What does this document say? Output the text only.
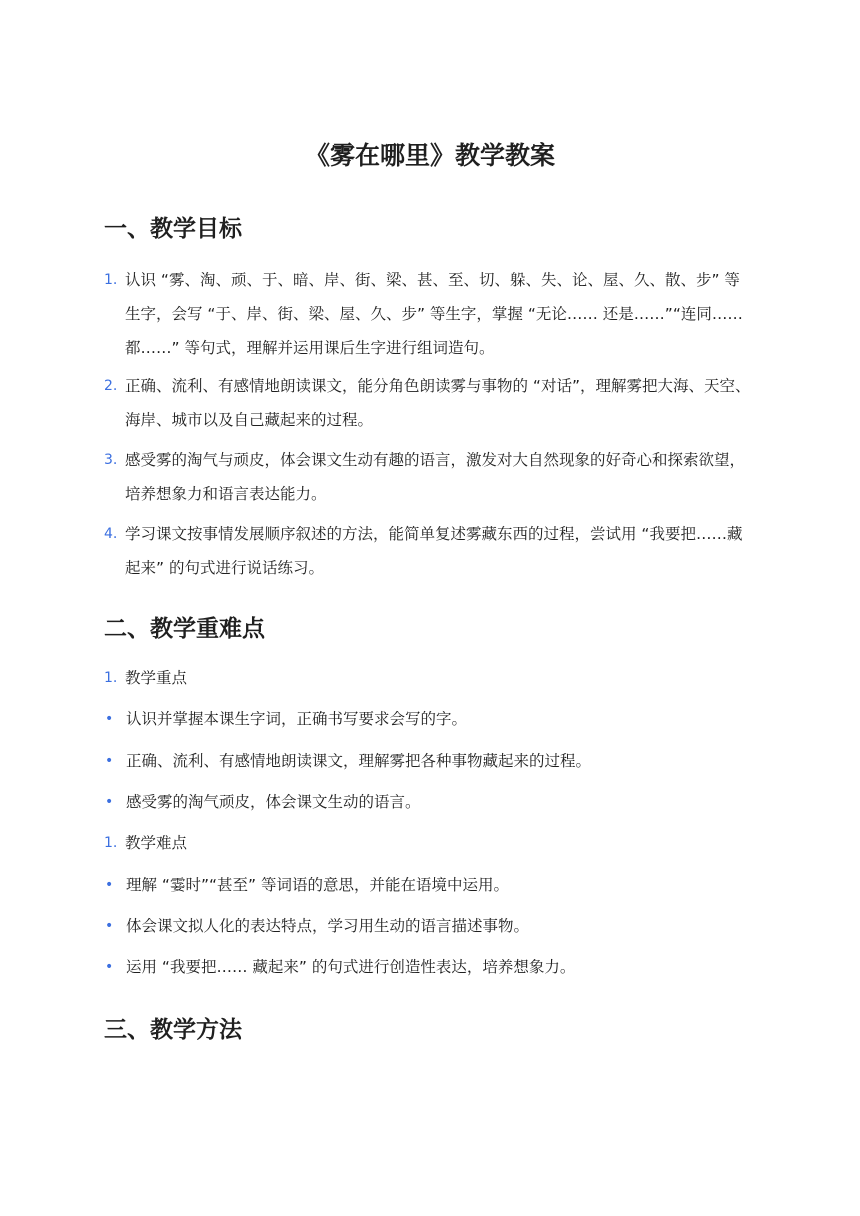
《雾在哪里》教学教案
一、教学目标
1. 认识 “雾、淘、顽、于、暗、岸、街、梁、甚、至、切、躲、失、论、屋、久、散、步” 等生字，会写 “于、岸、街、梁、屋、久、步” 等生字，掌握 “无论…… 还是……”“连同……都……” 等句式，理解并运用课后生字进行组词造句。
2. 正确、流利、有感情地朗读课文，能分角色朗读雾与事物的 “对话”，理解雾把大海、天空、海岸、城市以及自己藏起来的过程。
3. 感受雾的淘气与顽皮，体会课文生动有趣的语言，激发对大自然现象的好奇心和探索欲望，培养想象力和语言表达能力。
4. 学习课文按事情发展顺序叙述的方法，能简单复述雾藏东西的过程，尝试用 “我要把……藏起来” 的句式进行说话练习。
二、教学重难点
1. 教学重点
• 认识并掌握本课生字词，正确书写要求会写的字。
• 正确、流利、有感情地朗读课文，理解雾把各种事物藏起来的过程。
• 感受雾的淘气顽皮，体会课文生动的语言。
1. 教学难点
• 理解 “霎时”“甚至” 等词语的意思，并能在语境中运用。
• 体会课文拟人化的表达特点，学习用生动的语言描述事物。
• 运用 “我要把…… 藏起来” 的句式进行创造性表达，培养想象力。
三、教学方法
